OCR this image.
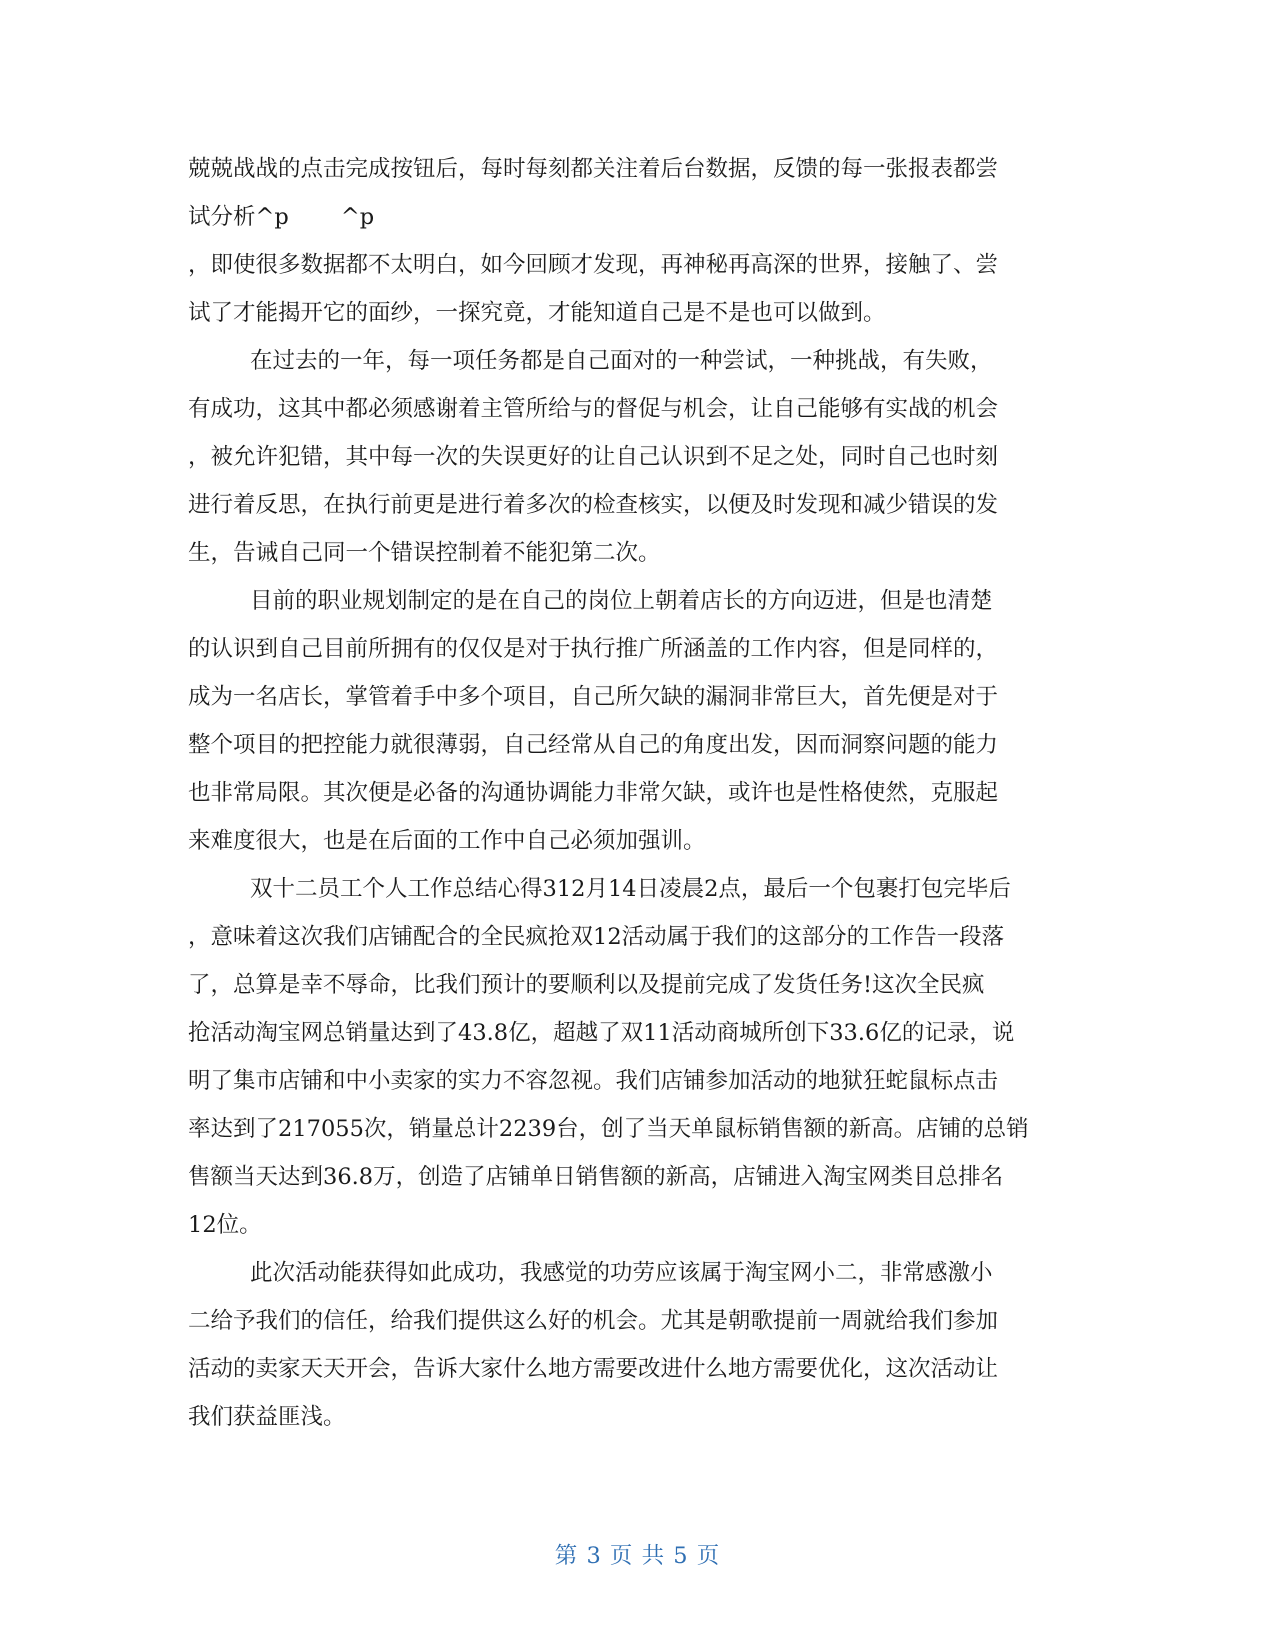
兢兢战战的点击完成按钮后，每时每刻都关注着后台数据，反馈的每一张报表都尝
试分析^p　　 ^p
，即使很多数据都不太明白，如今回顾才发现，再神秘再高深的世界，接触了、尝
试了才能揭开它的面纱，一探究竟，才能知道自己是不是也可以做到。
在过去的一年，每一项任务都是自己面对的一种尝试，一种挑战，有失败，
有成功，这其中都必须感谢着主管所给与的督促与机会，让自己能够有实战的机会
，被允许犯错，其中每一次的失误更好的让自己认识到不足之处，同时自己也时刻
进行着反思，在执行前更是进行着多次的检查核实，以便及时发现和减少错误的发
生，告诫自己同一个错误控制着不能犯第二次。
目前的职业规划制定的是在自己的岗位上朝着店长的方向迈进，但是也清楚
的认识到自己目前所拥有的仅仅是对于执行推广所涵盖的工作内容，但是同样的，
成为一名店长，掌管着手中多个项目，自己所欠缺的漏洞非常巨大，首先便是对于
整个项目的把控能力就很薄弱，自己经常从自己的角度出发，因而洞察问题的能力
也非常局限。其次便是必备的沟通协调能力非常欠缺，或许也是性格使然，克服起
来难度很大，也是在后面的工作中自己必须加强训。
双十二员工个人工作总结心得312月14日凌晨2点，最后一个包裹打包完毕后
，意味着这次我们店铺配合的全民疯抢双12活动属于我们的这部分的工作告一段落
了，总算是幸不辱命，比我们预计的要顺利以及提前完成了发货任务!这次全民疯
抢活动淘宝网总销量达到了43.8亿，超越了双11活动商城所创下33.6亿的记录，说
明了集市店铺和中小卖家的实力不容忽视。我们店铺参加活动的地狱狂蛇鼠标点击
率达到了217055次，销量总计2239台，创了当天单鼠标销售额的新高。店铺的总销
售额当天达到36.8万，创造了店铺单日销售额的新高，店铺进入淘宝网类目总排名
12位。
此次活动能获得如此成功，我感觉的功劳应该属于淘宝网小二，非常感激小
二给予我们的信任，给我们提供这么好的机会。尤其是朝歌提前一周就给我们参加
活动的卖家天天开会，告诉大家什么地方需要改进什么地方需要优化，这次活动让
我们获益匪浅。
第 3 页 共 5 页
